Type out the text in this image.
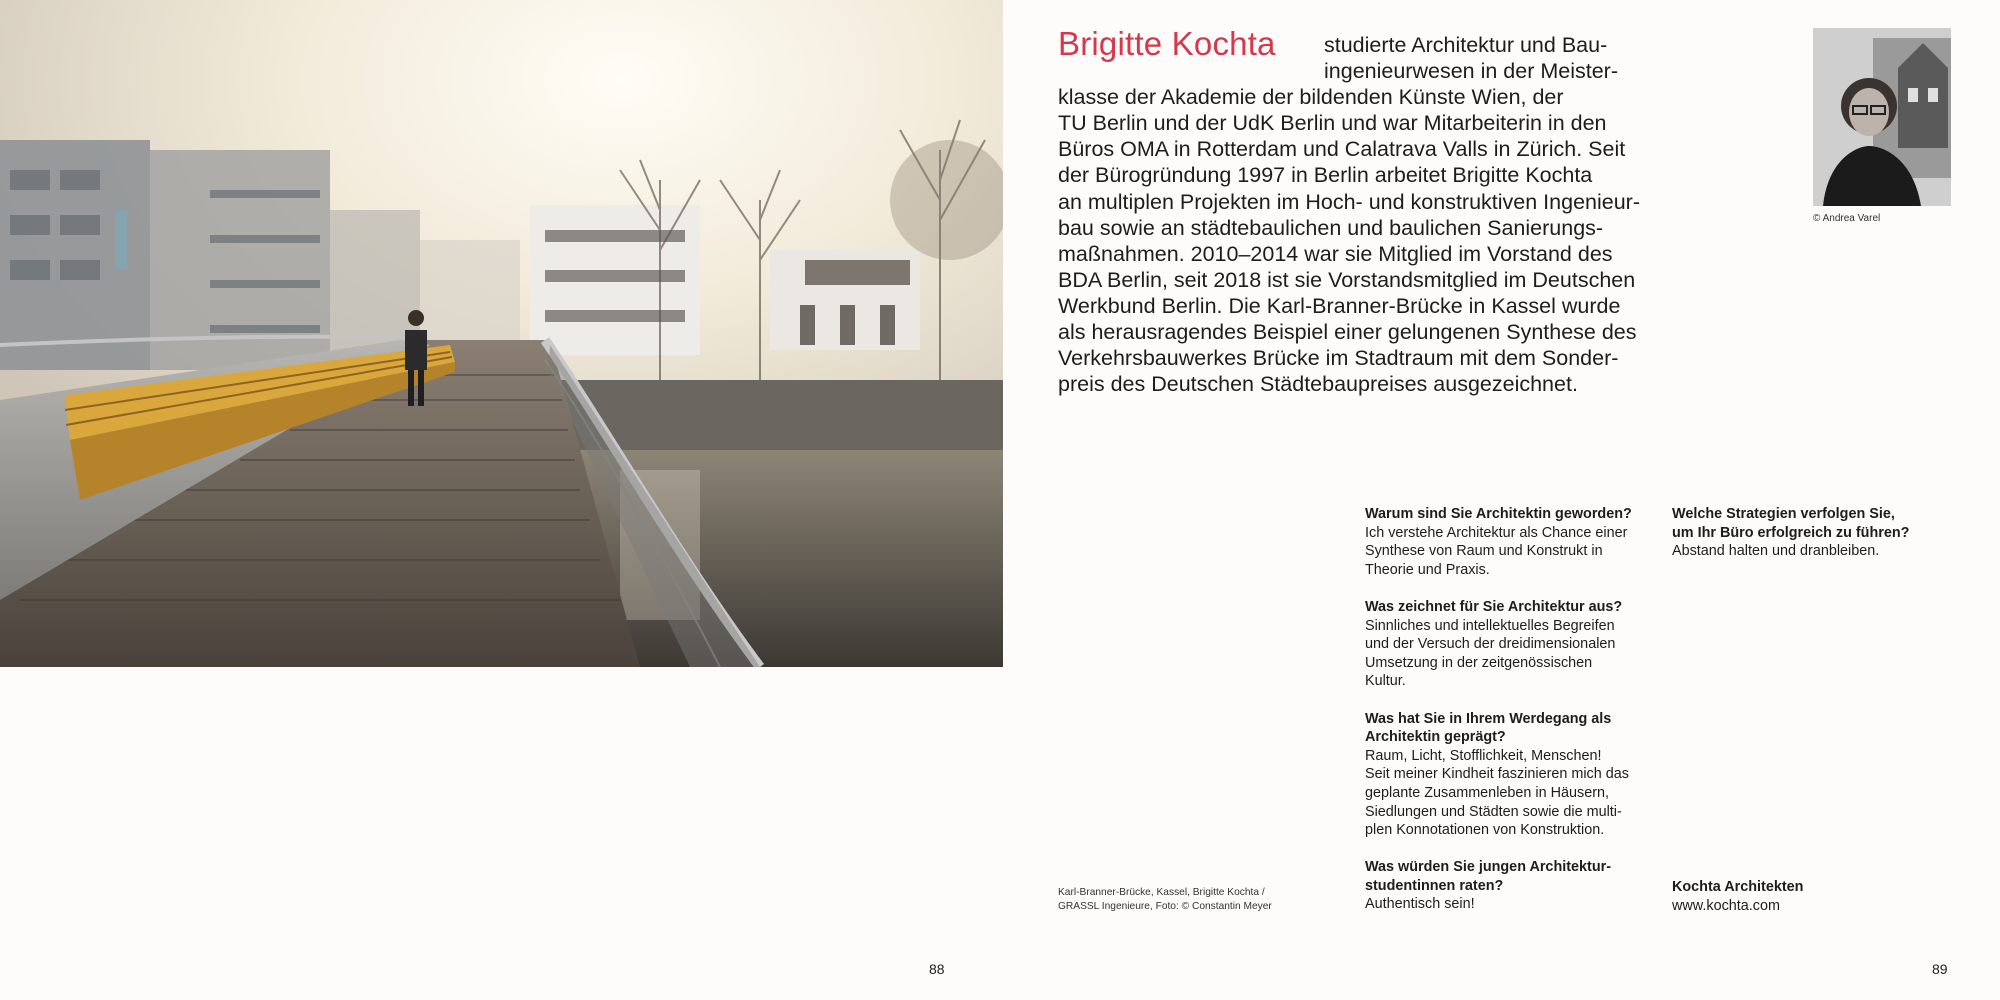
Brigitte Kochta	studierte Architektur und Bau-
ingenieurwesen in der Meister-
klasse der Akademie der bildenden Künste Wien, der
TU Berlin und der UdK Berlin und war Mitarbeiterin in den
Büros OMA in Rotterdam und Calatrava Valls in Zürich. Seit
der Bürogründung 1997 in Berlin arbeitet Brigitte Kochta
an multiplen Projekten im Hoch- und konstruktiven Ingenieur-
bau sowie an städtebaulichen und baulichen Sanierungs-
maßnahmen. 2010–2014 war sie Mitglied im Vorstand des
BDA Berlin, seit 2018 ist sie Vorstandsmitglied im Deutschen
Werkbund Berlin. Die Karl-Branner-Brücke in Kassel wurde
als herausragendes Beispiel einer gelungenen Synthese des
Verkehrsbauwerkes Brücke im Stadtraum mit dem Sonder-
preis des Deutschen Städtebaupreises ausgezeichnet.
© Andrea Varel
Warum sind Sie Architektin geworden?
Ich verstehe Architektur als Chance einer
Synthese von Raum und Konstrukt in
Theorie und Praxis.
Was zeichnet für Sie Architektur aus?
Sinnliches und intellektuelles Begreifen
und der Versuch der dreidimensionalen
Umsetzung in der zeitgenössischen
Kultur.
Was hat Sie in Ihrem Werdegang als
Architektin geprägt?
Raum, Licht, Stofflichkeit, Menschen!
Seit meiner Kindheit faszinieren mich das
geplante Zusammenleben in Häusern,
Siedlungen und Städten sowie die multi-
plen Konnotationen von Konstruktion.
Was würden Sie jungen Architektur-
studentinnen raten?
Authentisch sein!
Welche Strategien verfolgen Sie,
um Ihr Büro erfolgreich zu führen?
Abstand halten und dranbleiben.
Karl-Branner-Brücke, Kassel, Brigitte Kochta /
GRASSL Ingenieure, Foto: © Constantin Meyer
Kochta Architekten
www.kochta.com
88	89
